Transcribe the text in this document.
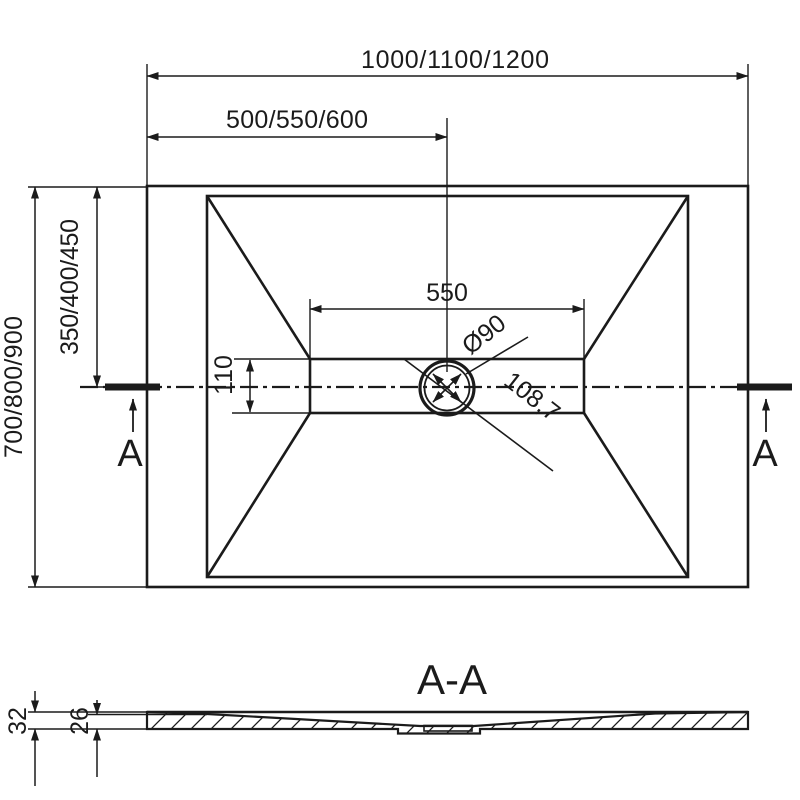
1000/1100/1200
500/550/600
700/800/900
350/400/450
550
110
Ø90
108,7
A	A
A-A
32 26
